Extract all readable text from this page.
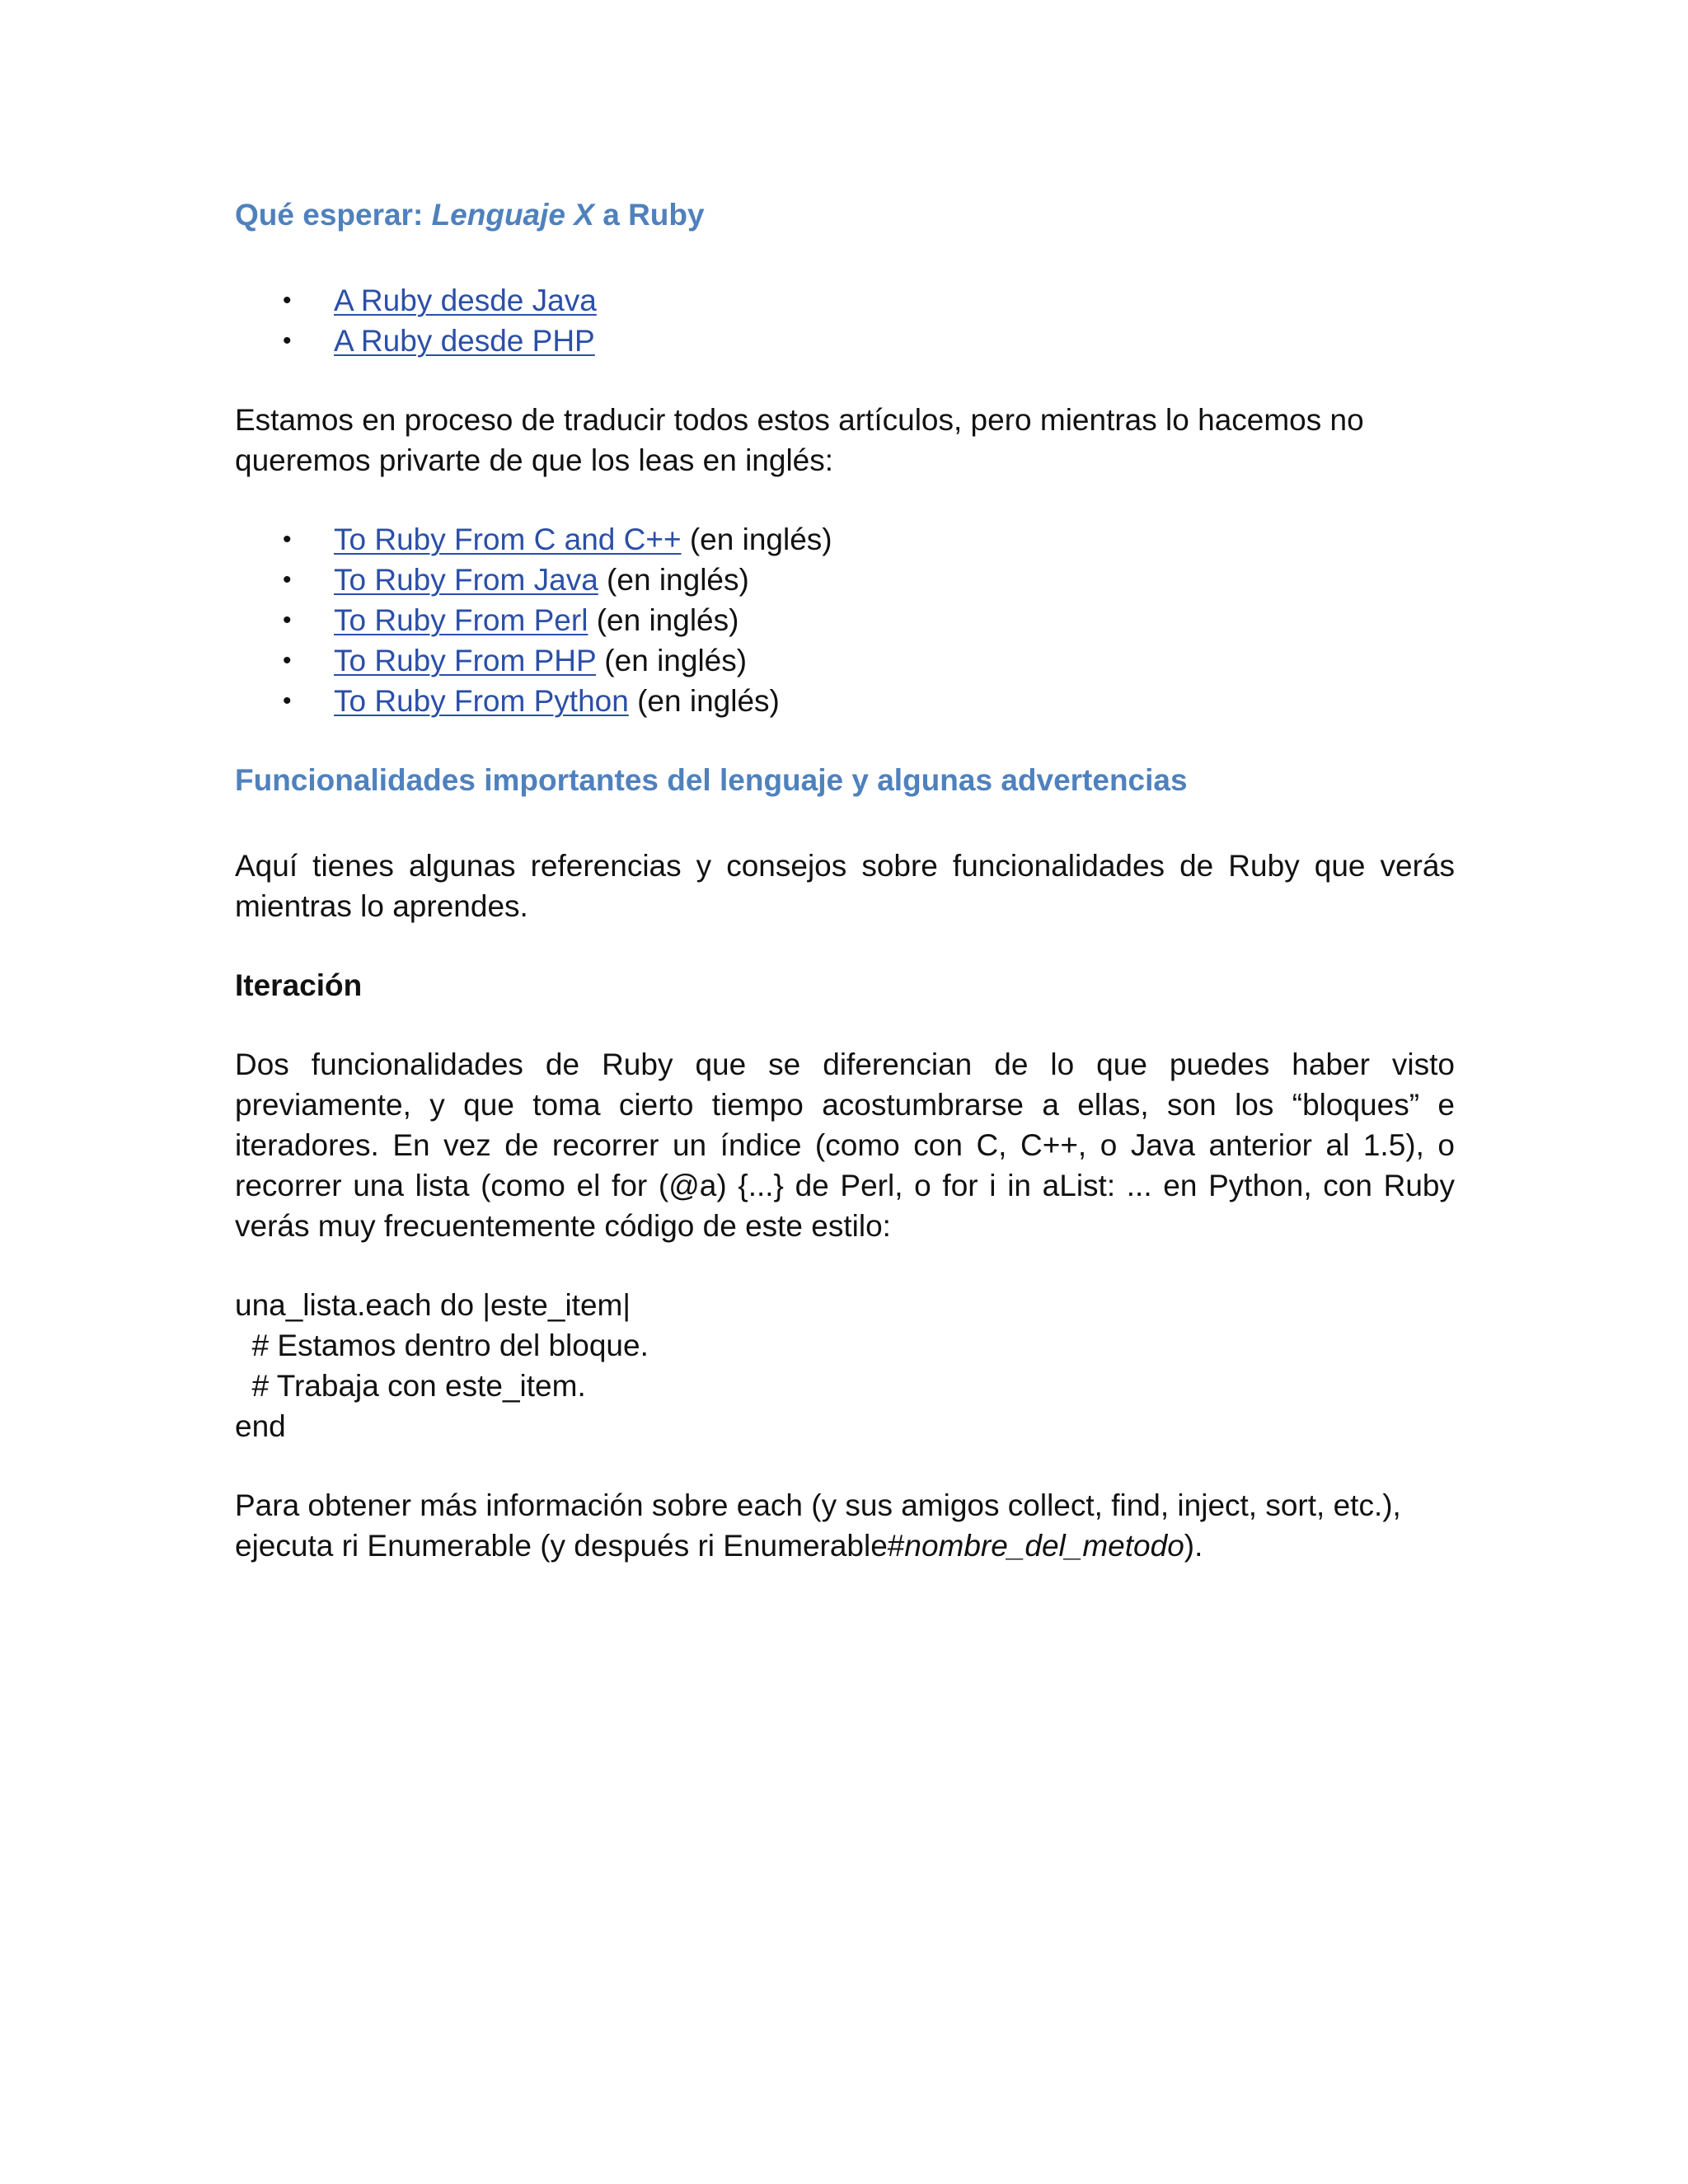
Qué esperar: Lenguaje X a Ruby
• A Ruby desde Java
• A Ruby desde PHP

Estamos en proceso de traducir todos estos artículos, pero mientras lo hacemos no queremos privarte de que los leas en inglés:

• To Ruby From C and C++ (en inglés)
• To Ruby From Java (en inglés)
• To Ruby From Perl (en inglés)
• To Ruby From PHP (en inglés)
• To Ruby From Python (en inglés)
Funcionalidades importantes del lenguaje y algunas advertencias

Aquí tienes algunas referencias y consejos sobre funcionalidades de Ruby que verás mientras lo aprendes.

Iteración

Dos funcionalidades de Ruby que se diferencian de lo que puedes haber visto previamente, y que toma cierto tiempo acostumbrarse a ellas, son los “bloques” e iteradores. En vez de recorrer un índice (como con C, C++, o Java anterior al 1.5), o recorrer una lista (como el for (@a) {...} de Perl, o for i in aList: ... en Python, con Ruby verás muy frecuentemente código de este estilo:

una_lista.each do |este_item|
# Estamos dentro del bloque.
# Trabaja con este_item.
end

Para obtener más información sobre each (y sus amigos collect, find, inject, sort, etc.),
ejecuta ri Enumerable (y después ri Enumerable#nombre_del_metodo).
